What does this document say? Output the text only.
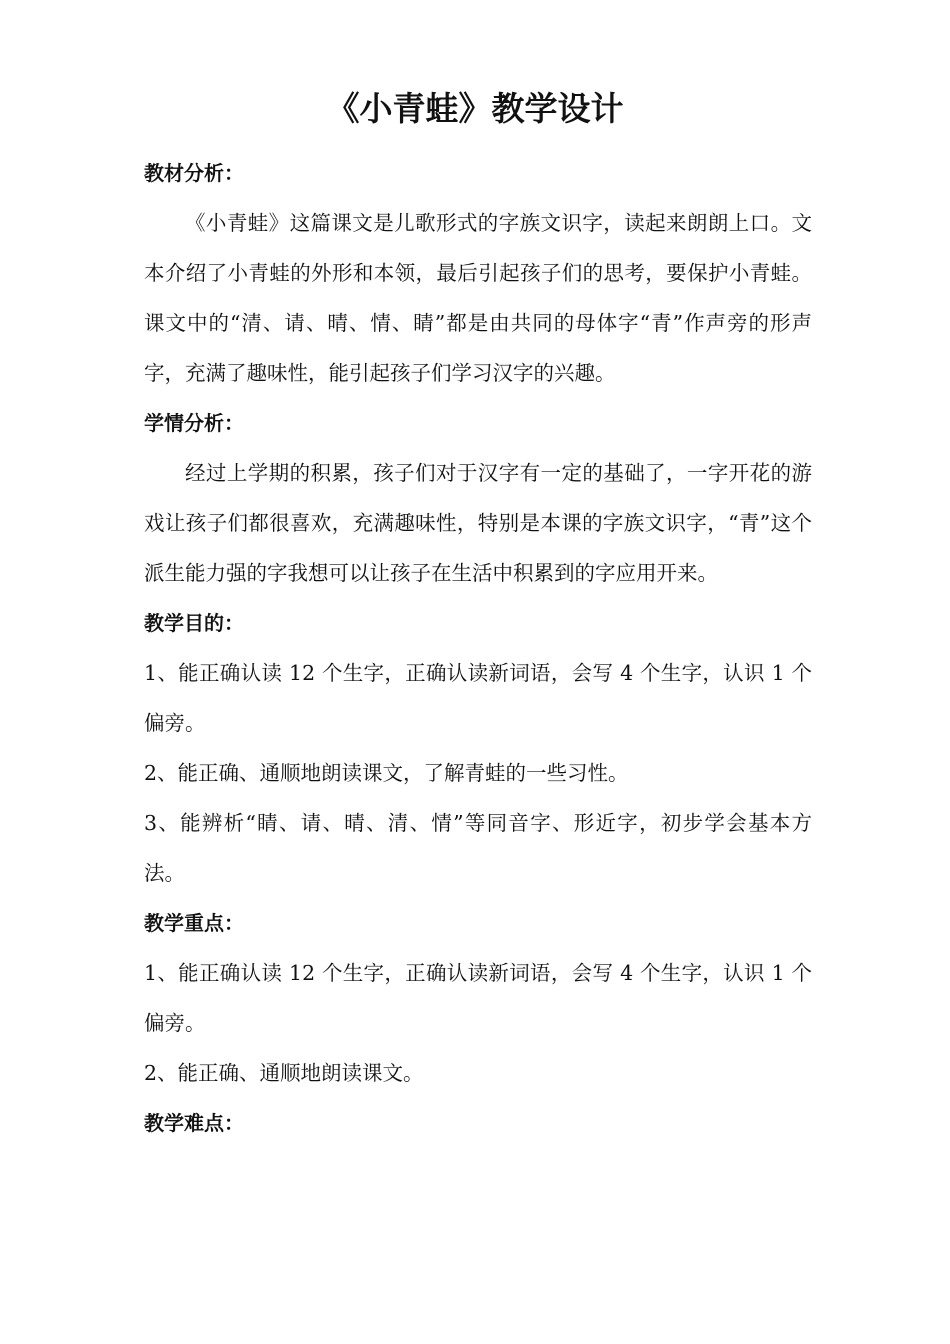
《小青蛙》教学设计

教材分析：

《小青蛙》这篇课文是儿歌形式的字族文识字，读起来朗朗上口。文本介绍了小青蛙的外形和本领，最后引起孩子们的思考，要保护小青蛙。课文中的“清、请、晴、情、睛”都是由共同的母体字“青”作声旁的形声字，充满了趣味性，能引起孩子们学习汉字的兴趣。

学情分析：

经过上学期的积累，孩子们对于汉字有一定的基础了，一字开花的游戏让孩子们都很喜欢，充满趣味性，特别是本课的字族文识字，“青”这个派生能力强的字我想可以让孩子在生活中积累到的字应用开来。

教学目的：

1、能正确认读 12 个生字，正确认读新词语，会写 4 个生字，认识 1 个偏旁。

2、能正确、通顺地朗读课文，了解青蛙的一些习性。

3、能辨析“睛、请、晴、清、情”等同音字、形近字，初步学会基本方法。

教学重点：

1、能正确认读 12 个生字，正确认读新词语，会写 4 个生字，认识 1 个偏旁。

2、能正确、通顺地朗读课文。

教学难点：
